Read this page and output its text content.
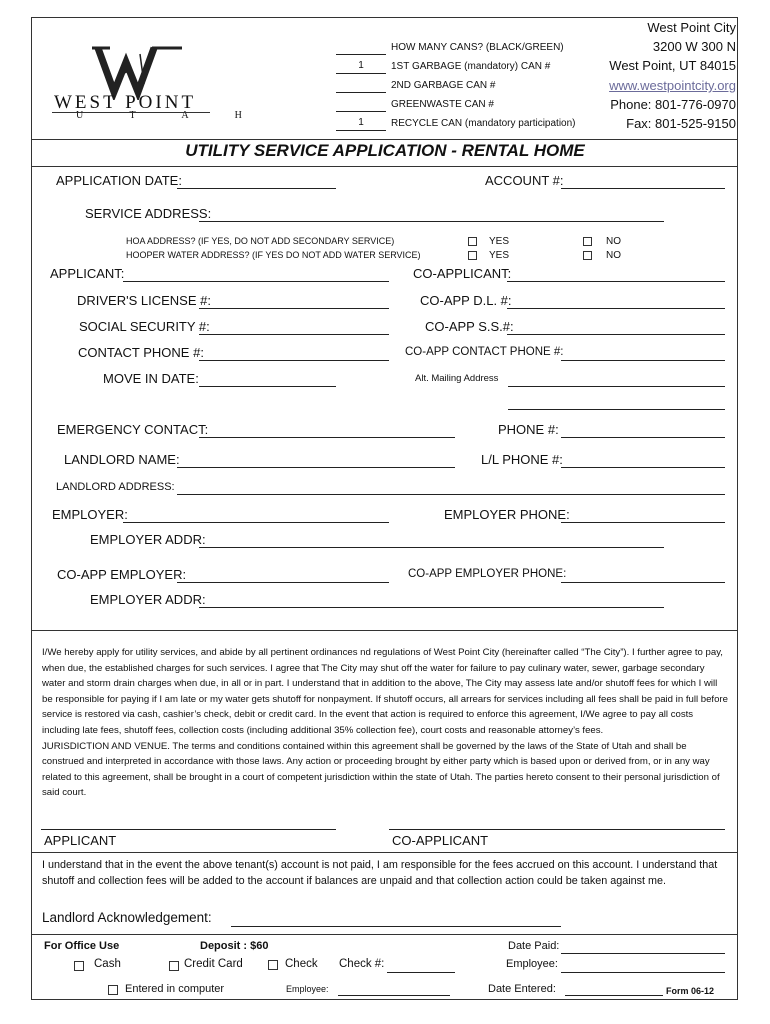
WEST POINT
U T A H
HOW MANY CANS? (BLACK/GREEN)
1	1ST GARBAGE (mandatory) CAN #
2ND GARBAGE CAN #
GREENWASTE CAN #
1	RECYCLE CAN (mandatory participation)
West Point City
3200 W 300 N
West Point, UT 84015
www.westpointcity.org
Phone: 801-776-0970
Fax: 801-525-9150
UTILITY SERVICE APPLICATION - RENTAL HOME
APPLICATION DATE:	ACCOUNT #:
SERVICE ADDRESS:
HOA ADDRESS? (IF YES, DO NOT ADD SECONDARY SERVICE)	YES	NO
HOOPER WATER ADDRESS? (IF YES DO NOT ADD WATER SERVICE)	YES	NO
APPLICANT:	CO-APPLICANT:
DRIVER'S LICENSE #:	CO-APP D.L. #:
SOCIAL SECURITY #:	CO-APP S.S.#:
CONTACT PHONE #:	CO-APP CONTACT PHONE #:
MOVE IN DATE:	Alt. Mailing Address
EMERGENCY CONTACT:	PHONE #:
LANDLORD NAME:	L/L PHONE #:
LANDLORD ADDRESS:
EMPLOYER:	EMPLOYER PHONE:
EMPLOYER ADDR:
CO-APP EMPLOYER:	CO-APP EMPLOYER PHONE:
EMPLOYER ADDR:

I/We hereby apply for utility services, and abide by all pertinent ordinances nd regulations of West Point City (hereinafter called “The City”). I further agree to pay, when due, the established charges for such services. I agree that The City may shut off the water for failure to pay culinary water, sewer, garbage secondary water and storm drain charges when due, in all or in part. I understand that in addition to the above, The City may assess late and/or shutoff fees for which I will be responsible for paying if I am late or my water gets shutoff for nonpayment. If shutoff occurs, all arrears for services including all fees shall be paid in full before service is restored via cash, cashier’s check, debit or credit card. In the event that action is required to enforce this agreement, I/We agree to pay all costs including late fees, shutoff fees, collection costs (including additional 35% collection fee), court costs and reasonable attorney’s fees.

JURISDICTION AND VENUE. The terms and conditions contained within this agreement shall be governed by the laws of the State of Utah and shall be construed and interpreted in accordance with those laws. Any action or proceeding brought by either party which is based upon or derived from, or in any way related to this agreement, shall be brought in a court of competent jurisdiction within the state of Utah. The parties hereto consent to their personal jurisdiction of said court.

APPLICANT	CO-APPLICANT
I understand that in the event the above tenant(s) account is not paid, I am responsible for the fees accrued on this account. I understand that shutoff and collection fees will be added to the account if balances are unpaid and that collection action could be taken against me.
Landlord Acknowledgement:
For Office Use	Deposit : $60	Date Paid:
Cash	Credit Card	Check Check #:	Employee:
Entered in computer	Employee:	Date Entered:	Form 06-12
